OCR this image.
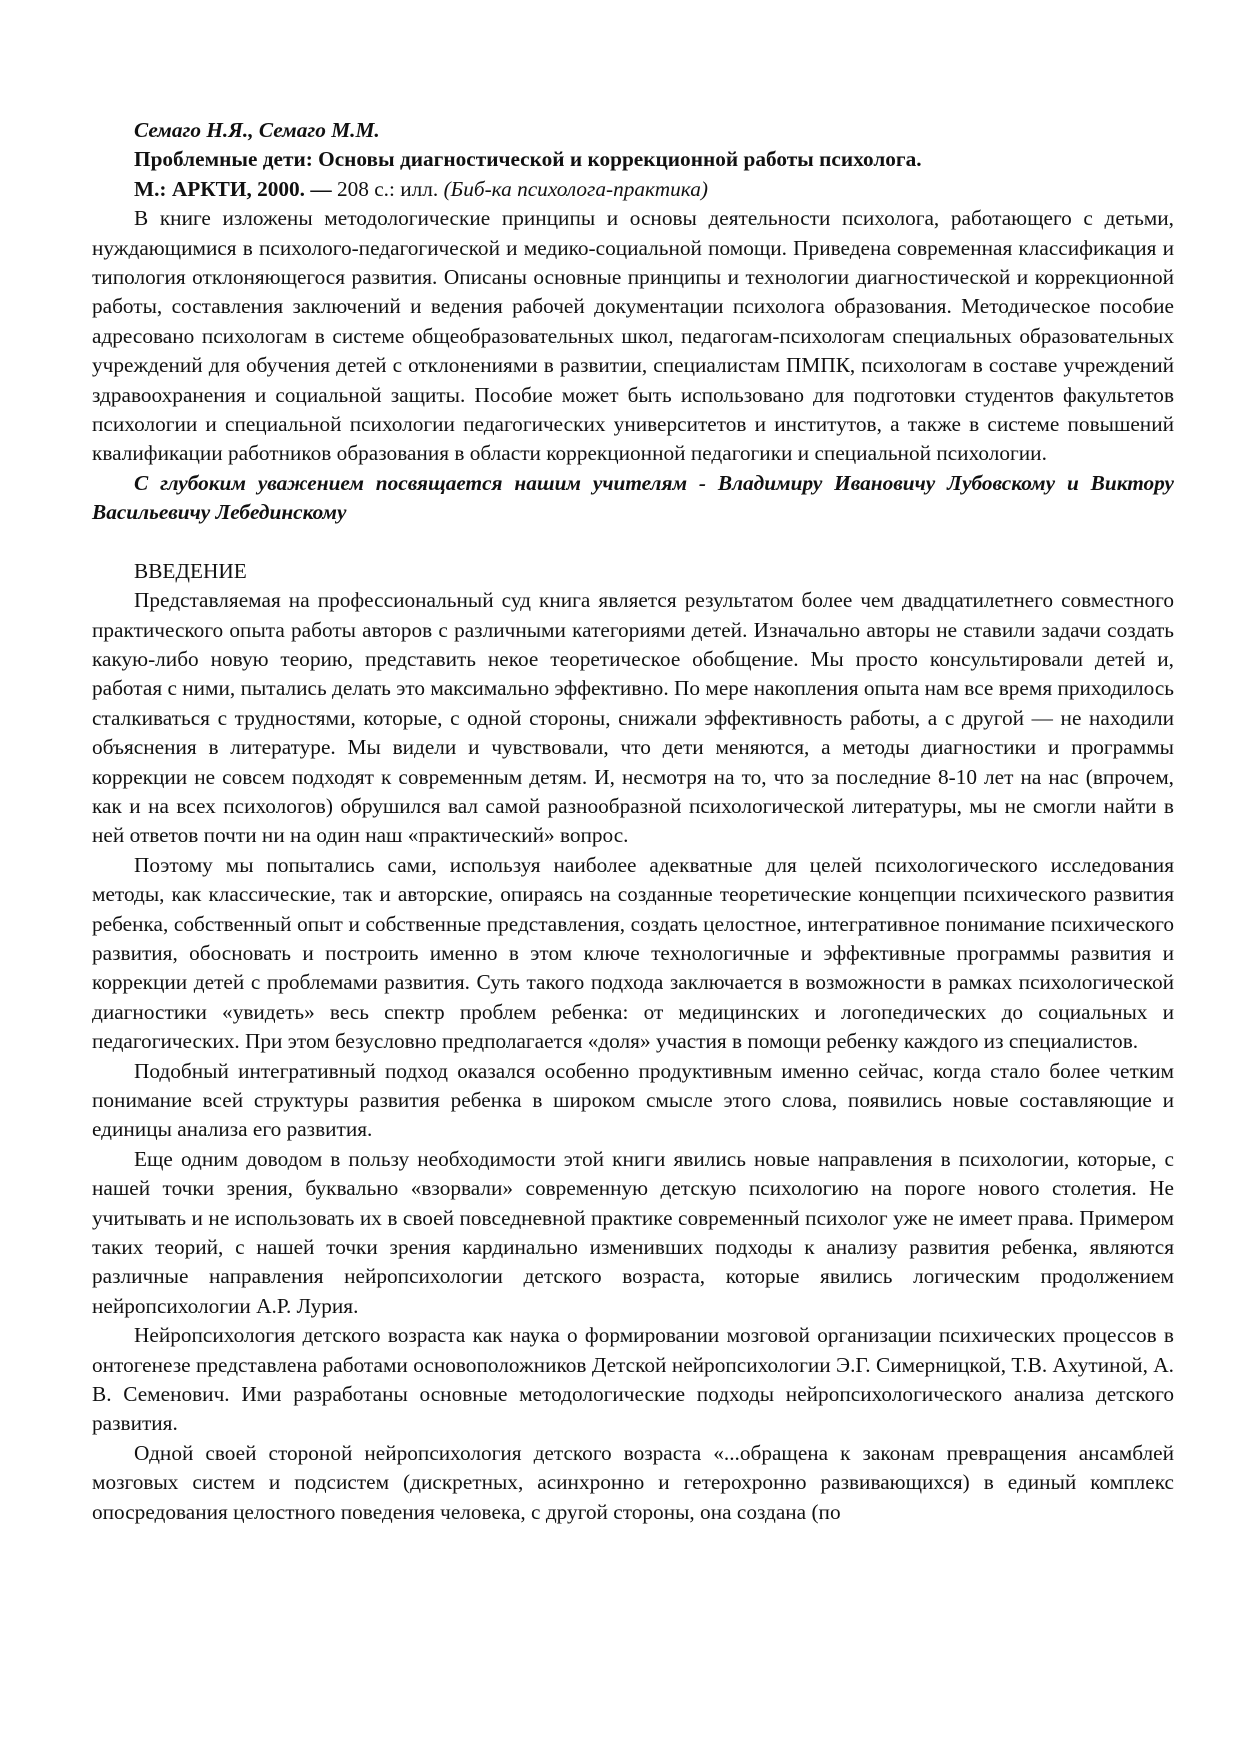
Семаго Н.Я., Семаго М.М.

Проблемные дети: Основы диагностической и коррекционной работы психолога.

М.: АРКТИ, 2000. — 208 с.: илл. (Биб-ка психолога-практика)

В книге изложены методологические принципы и основы деятельности психолога, работающего с детьми, нуждающимися в психолого-педагогической и медико-социальной помощи. Приведена современная классификация и типология отклоняющегося развития. Описаны основные принципы и технологии диагностической и коррекционной работы, составления заключений и ведения рабочей документации психолога образования. Методическое пособие адресовано психологам в системе общеобразовательных школ, педагогам-психологам специальных образовательных учреждений для обучения детей с отклонениями в развитии, специалистам ПМПК, психологам в составе учреждений здравоохранения и социальной защиты. Пособие может быть использовано для подготовки студентов факультетов психологии и специальной психологии педагогических университетов и институтов, а также в системе повышений квалификации работников образования в области коррекционной педагогики и специальной психологии.

С глубоким уважением посвящается нашим учителям - Владимиру Ивановичу Лубовскому и Виктору Васильевичу Лебединскому

ВВЕДЕНИЕ

Представляемая на профессиональный суд книга является результатом более чем двадцатилетнего совместного практического опыта работы авторов с различными категориями детей. Изначально авторы не ставили задачи создать какую-либо новую теорию, представить некое теоретическое обобщение. Мы просто консультировали детей и, работая с ними, пытались делать это максимально эффективно. По мере накопления опыта нам все время приходилось сталкиваться с трудностями, которые, с одной стороны, снижали эффективность работы, а с другой — не находили объяснения в литературе. Мы видели и чувствовали, что дети меняются, а методы диагностики и программы коррекции не совсем подходят к современным детям. И, несмотря на то, что за последние 8-10 лет на нас (впрочем, как и на всех психологов) обрушился вал самой разнообразной психологической литературы, мы не смогли найти в ней ответов почти ни на один наш «практический» вопрос.

Поэтому мы попытались сами, используя наиболее адекватные для целей психологического исследования методы, как классические, так и авторские, опираясь на созданные теоретические концепции психического развития ребенка, собственный опыт и собственные представления, создать целостное, интегративное понимание психического развития, обосновать и построить именно в этом ключе технологичные и эффективные программы развития и коррекции детей с проблемами развития. Суть такого подхода заключается в возможности в рамках психологической диагностики «увидеть» весь спектр проблем ребенка: от медицинских и логопедических до социальных и педагогических. При этом безусловно предполагается «доля» участия в помощи ребенку каждого из специалистов.

Подобный интегративный подход оказался особенно продуктивным именно сейчас, когда стало более четким понимание всей структуры развития ребенка в широком смысле этого слова, появились новые составляющие и единицы анализа его развития.

Еще одним доводом в пользу необходимости этой книги явились новые направления в психологии, которые, с нашей точки зрения, буквально «взорвали» современную детскую психологию на пороге нового столетия. Не учитывать и не использовать их в своей повседневной практике современный психолог уже не имеет права. Примером таких теорий, с нашей точки зрения кардинально изменивших подходы к анализу развития ребенка, являются различные направления нейропсихологии детского возраста, которые явились логическим продолжением нейропсихологии А.Р. Лурия.

Нейропсихология детского возраста как наука о формировании мозговой организации психических процессов в онтогенезе представлена работами основоположников Детской нейропсихологии Э.Г. Симерницкой, Т.В. Ахутиной, А. В. Семенович. Ими разработаны основные методологические подходы нейропсихологического анализа детского развития.

Одной своей стороной нейропсихология детского возраста «...обращена к законам превращения ансамблей мозговых систем и подсистем (дискретных, асинхронно и гетерохронно развивающихся) в единый комплекс опосредования целостного поведения человека, с другой стороны, она создана (по
